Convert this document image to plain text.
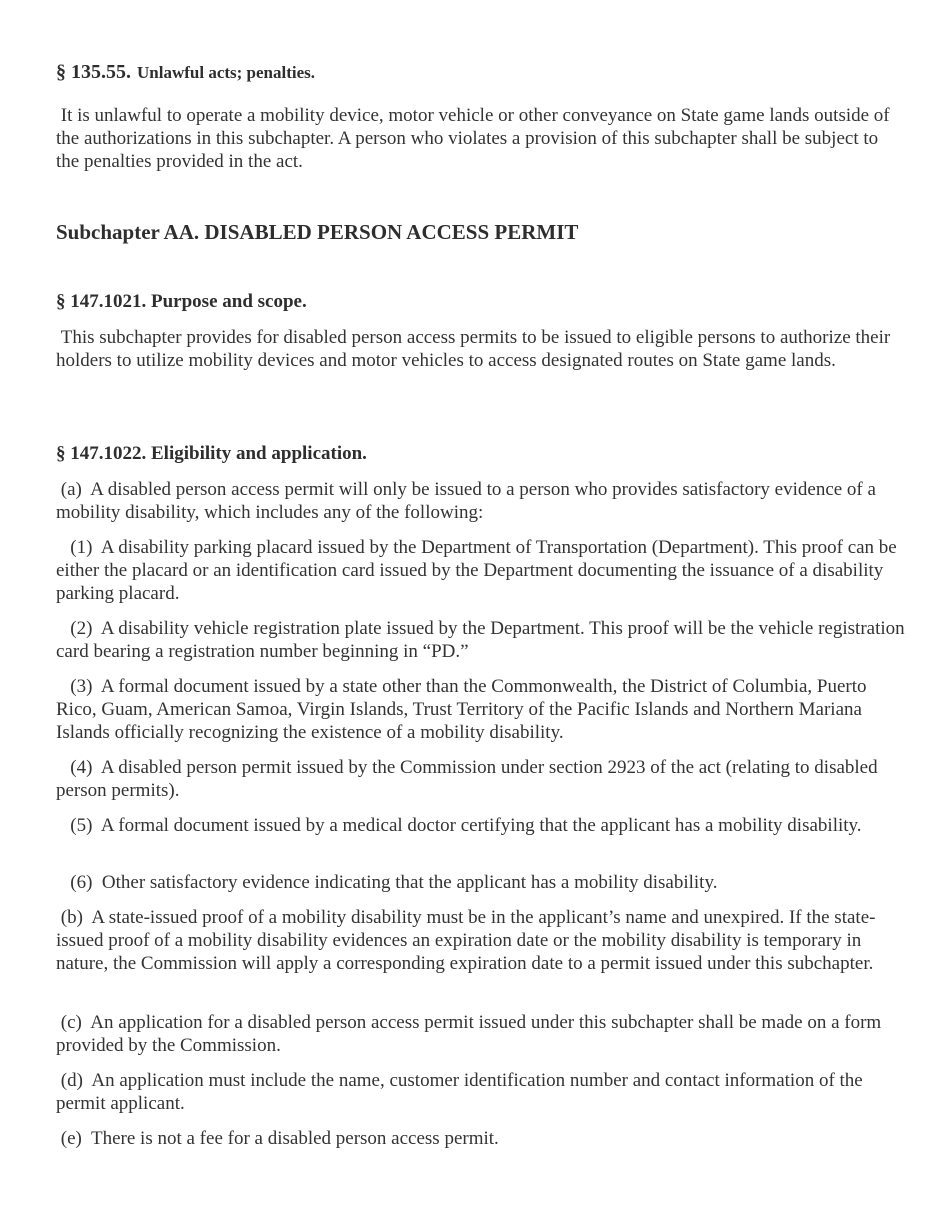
§ 135.55. Unlawful acts; penalties.

It is unlawful to operate a mobility device, motor vehicle or other conveyance on State game lands outside of the authorizations in this subchapter. A person who violates a provision of this subchapter shall be subject to the penalties provided in the act.

Subchapter AA. DISABLED PERSON ACCESS PERMIT
§ 147.1021. Purpose and scope.

This subchapter provides for disabled person access permits to be issued to eligible persons to authorize their holders to utilize mobility devices and motor vehicles to access designated routes on State game lands.

§ 147.1022. Eligibility and application.

(a)  A disabled person access permit will only be issued to a person who provides satisfactory evidence of a mobility disability, which includes any of the following:

(1)  A disability parking placard issued by the Department of Transportation (Department). This proof can be either the placard or an identification card issued by the Department documenting the issuance of a disability parking placard.

(2)  A disability vehicle registration plate issued by the Department. This proof will be the vehicle registration card bearing a registration number beginning in “PD.”

(3)  A formal document issued by a state other than the Commonwealth, the District of Columbia, Puerto Rico, Guam, American Samoa, Virgin Islands, Trust Territory of the Pacific Islands and Northern Mariana Islands officially recognizing the existence of a mobility disability.

(4)  A disabled person permit issued by the Commission under section 2923 of the act (relating to disabled person permits).

(5)  A formal document issued by a medical doctor certifying that the applicant has a mobility disability.

(6)  Other satisfactory evidence indicating that the applicant has a mobility disability.

(b)  A state-issued proof of a mobility disability must be in the applicant’s name and unexpired. If the state-issued proof of a mobility disability evidences an expiration date or the mobility disability is temporary in nature, the Commission will apply a corresponding expiration date to a permit issued under this subchapter.

(c)  An application for a disabled person access permit issued under this subchapter shall be made on a form provided by the Commission.

(d)  An application must include the name, customer identification number and contact information of the permit applicant.

(e)  There is not a fee for a disabled person access permit.
